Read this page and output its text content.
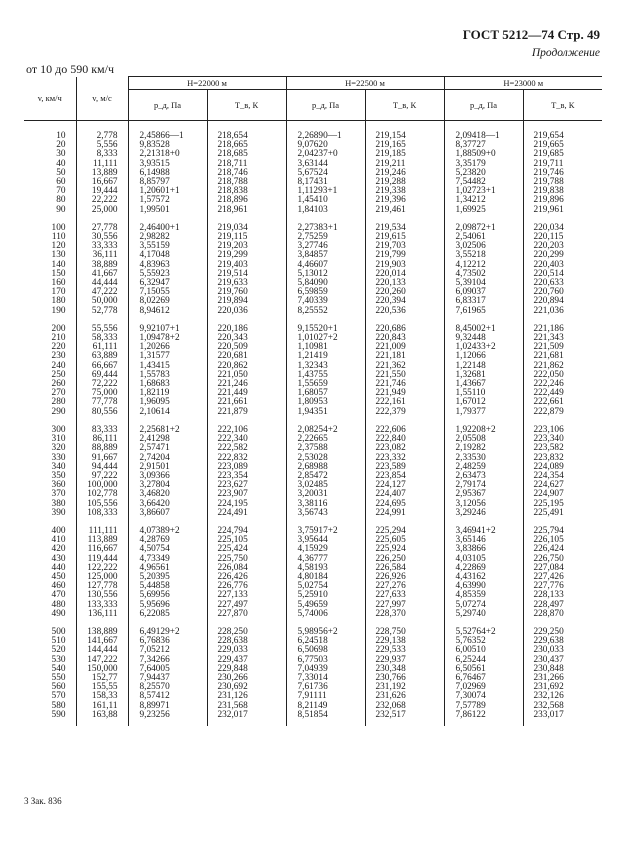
ГОСТ 5212—74 Стр. 49
Продолжение
от 10 до 590 км/ч
v, км/ч	v, м/с	H=22000 м		H=22500 м		H=23000 м	
		p_д, Па	T_в, К	p_д, Па	T_в, К	p_д, Па	T_в, К

10	2,778	2,45866—1	218,654	2,26890—1	219,154	2,09418—1	219,654
20	5,556	9,83528	218,665	9,07620	219,165	8,37727	219,665
30	8,333	2,21318+0	218,685	2,04237+0	219,185	1,88509+0	219,685
40	11,111	3,93515	218,711	3,63144	219,211	3,35179	219,711
50	13,889	6,14988	218,746	5,67524	219,246	5,23820	219,746
60	16,667	8,85797	218,788	8,17431	219,288	7,54482	219,788
70	19,444	1,20601+1	218,838	1,11293+1	219,338	1,02723+1	219,838
80	22,222	1,57572	218,896	1,45410	219,396	1,34212	219,896
90	25,000	1,99501	218,961	1,84103	219,461	1,69925	219,961

100	27,778	2,46400+1	219,034	2,27383+1	219,534	2,09872+1	220,034
110	30,556	2,98282	219,115	2,75259	219,615	2,54061	220,115
120	33,333	3,55159	219,203	3,27746	219,703	3,02506	220,203
130	36,111	4,17048	219,299	3,84857	219,799	3,55218	220,299
140	38,889	4,83963	219,403	4,46607	219,903	4,12212	220,403
150	41,667	5,55923	219,514	5,13012	220,014	4,73502	220,514
160	44,444	6,32947	219,633	5,84090	220,133	5,39104	220,633
170	47,222	7,15055	219,760	6,59859	220,260	6,09037	220,760
180	50,000	8,02269	219,894	7,40339	220,394	6,83317	220,894
190	52,778	8,94612	220,036	8,25552	220,536	7,61965	221,036

200	55,556	9,92107+1	220,186	9,15520+1	220,686	8,45002+1	221,186
210	58,333	1,09478+2	220,343	1,01027+2	220,843	9,32448	221,343
220	61,111	1,20266	220,509	1,10981	221,009	1,02433+2	221,509
230	63,889	1,31577	220,681	1,21419	221,181	1,12066	221,681
240	66,667	1,43415	220,862	1,32343	221,362	1,22148	221,862
250	69,444	1,55783	221,050	1,43755	221,550	1,32681	222,050
260	72,222	1,68683	221,246	1,55659	221,746	1,43667	222,246
270	75,000	1,82119	221,449	1,68057	221,949	1,55110	222,449
280	77,778	1,96095	221,661	1,80953	222,161	1,67012	222,661
290	80,556	2,10614	221,879	1,94351	222,379	1,79377	222,879

300	83,333	2,25681+2	222,106	2,08254+2	222,606	1,92208+2	223,106
310	86,111	2,41298	222,340	2,22665	222,840	2,05508	223,340
320	88,889	2,57471	222,582	2,37588	223,082	2,19282	223,582
330	91,667	2,74204	222,832	2,53028	223,332	2,33530	223,832
340	94,444	2,91501	223,089	2,68988	223,589	2,48259	224,089
350	97,222	3,09366	223,354	2,85472	223,854	2,63473	224,354
360	100,000	3,27804	223,627	3,02485	224,127	2,79174	224,627
370	102,778	3,46820	223,907	3,20031	224,407	2,95367	224,907
380	105,556	3,66420	224,195	3,38116	224,695	3,12056	225,195
390	108,333	3,86607	224,491	3,56743	224,991	3,29246	225,491

400	111,111	4,07389+2	224,794	3,75917+2	225,294	3,46941+2	225,794
410	113,889	4,28769	225,105	3,95644	225,605	3,65146	226,105
420	116,667	4,50754	225,424	4,15929	225,924	3,83866	226,424
430	119,444	4,73349	225,750	4,36777	226,250	4,03105	226,750
440	122,222	4,96561	226,084	4,58193	226,584	4,22869	227,084
450	125,000	5,20395	226,426	4,80184	226,926	4,43162	227,426
460	127,778	5,44858	226,776	5,02754	227,276	4,63990	227,776
470	130,556	5,69956	227,133	5,25910	227,633	4,85359	228,133
480	133,333	5,95696	227,497	5,49659	227,997	5,07274	228,497
490	136,111	6,22085	227,870	5,74006	228,370	5,29740	228,870

500	138,889	6,49129+2	228,250	5,98956+2	228,750	5,52764+2	229,250
510	141,667	6,76836	228,638	6,24518	229,138	5,76352	229,638
520	144,444	7,05212	229,033	6,50698	229,533	6,00510	230,033
530	147,222	7,34266	229,437	6,77503	229,937	6,25244	230,437
540	150,000	7,64005	229,848	7,04939	230,348	6,50561	230,848
550	152,77	7,94437	230,266	7,33014	230,766	6,76467	231,266
560	155,55	8,25570	230,692	7,61736	231,192	7,02969	231,692
570	158,33	8,57412	231,126	7,91111	231,626	7,30074	232,126
580	161,11	8,89971	231,568	8,21149	232,068	7,57789	232,568
590	163,88	9,23256	232,017	8,51854	232,517	7,86122	233,017

3 Зак. 836
